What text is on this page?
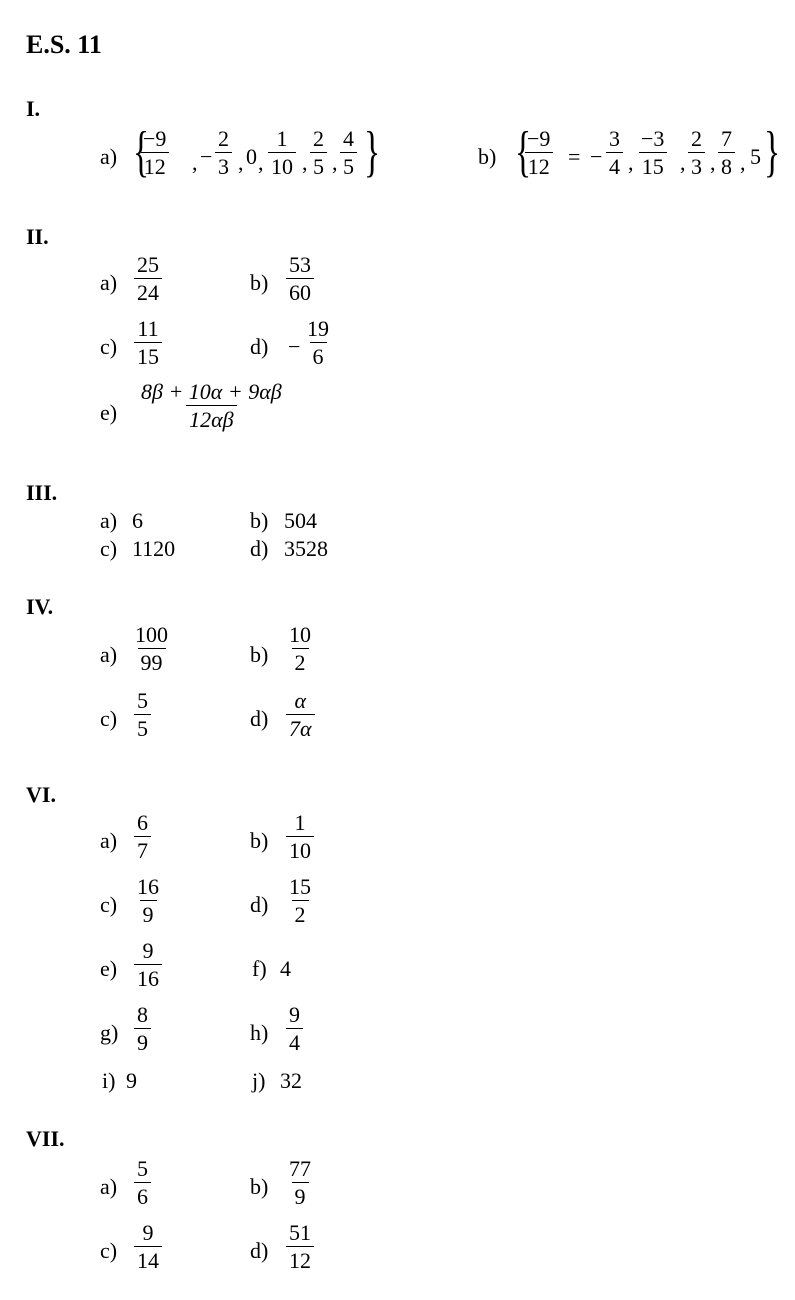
E.S. 11
I.
a) {
$\frac{-9}{12}$ , − $\frac{2}{3}$ , 0 , $\frac{1}{10}$ , $\frac{2}{5}$ , $\frac{4}{5}$ }	b) {
$\frac{-9}{12}$ = − $\frac{3}{4}$ , $\frac{-3}{15}$ , $\frac{2}{3}$ , $\frac{7}{8}$ , 5 }
II.
$a) \frac{25}{24}$	$b) \frac{53}{60}$
$c) \frac{11}{15}$	$d) - \frac{19}{6}$
$e) \frac{8\beta + 10\alpha + 9\alpha\beta}{12\alpha\beta}$
III.
a) 6	b) 504
c) 1120	d) 3528
IV.
$a) \frac{100}{99}$	$b) \frac{10}{2}$
$c) \frac{5}{5}$	$d) \frac{\alpha}{7\alpha}$
VI.
$a) \frac{6}{7}$	$b) \frac{1}{10}$
$c) \frac{16}{9}$	$d) \frac{15}{2}$
$e) \frac{9}{16}$	f) 4
$g) \frac{8}{9}$	$h) \frac{9}{4}$
i) 9	j) 32
VII.
$a) \frac{5}{6}$	$b) \frac{77}{9}$
$c) \frac{9}{14}$	$d) \frac{51}{12}$
